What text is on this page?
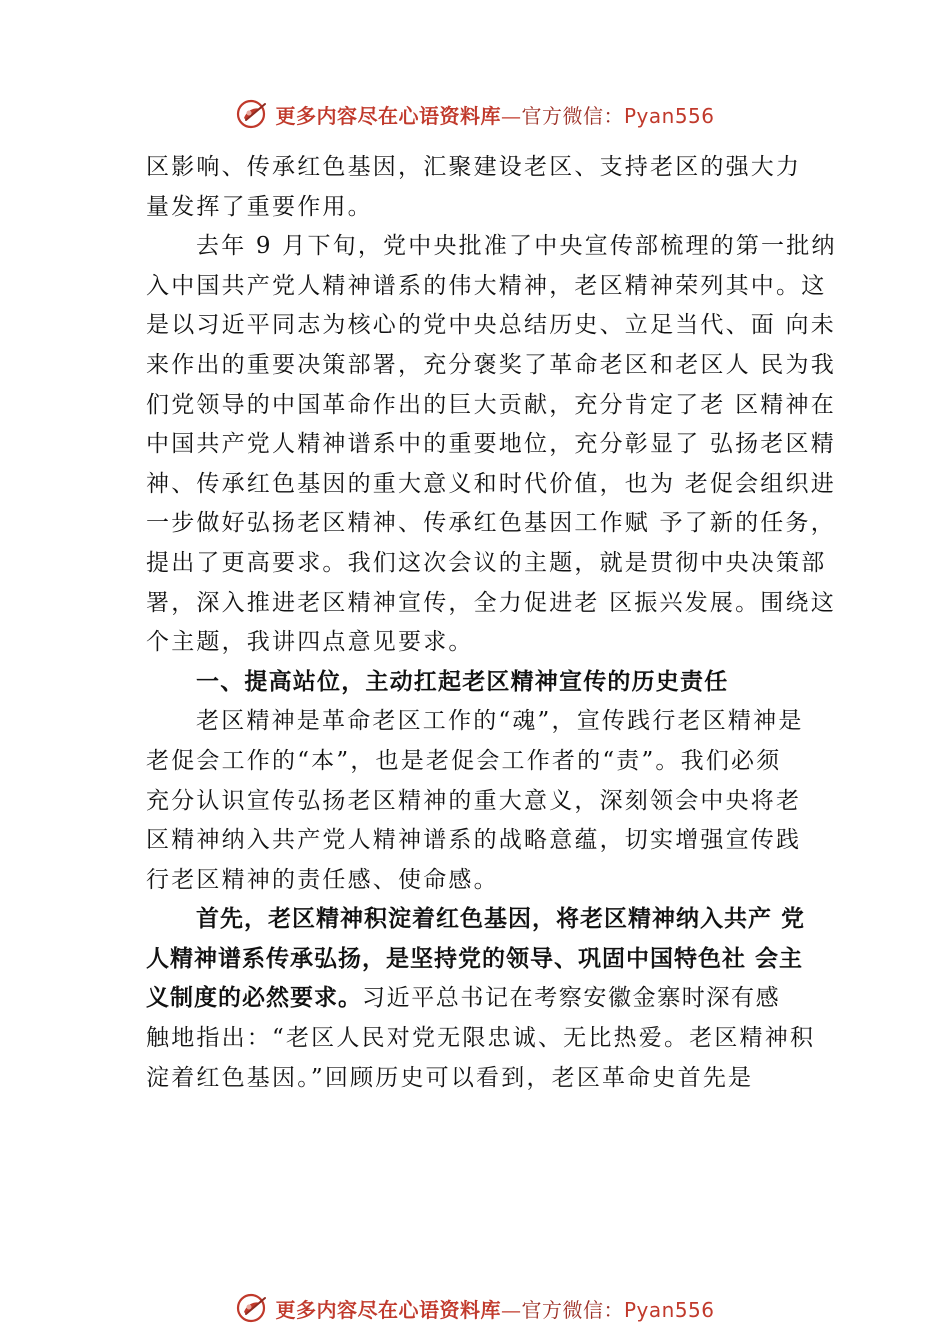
更多内容尽在心语资料库—官方微信：Pyan556
区影响、传承红色基因，汇聚建设老区、支持老区的强大力
量发挥了重要作用。
去年 9 月下旬，党中央批准了中央宣传部梳理的第一批纳
入中国共产党人精神谱系的伟大精神，老区精神荣列其中。这
是以习近平同志为核心的党中央总结历史、立足当代、面 向未
来作出的重要决策部署，充分褒奖了革命老区和老区人 民为我
们党领导的中国革命作出的巨大贡献，充分肯定了老 区精神在
中国共产党人精神谱系中的重要地位，充分彰显了 弘扬老区精
神、传承红色基因的重大意义和时代价值，也为 老促会组织进
一步做好弘扬老区精神、传承红色基因工作赋 予了新的任务，
提出了更高要求。我们这次会议的主题，就是贯彻中央决策部
署，深入推进老区精神宣传，全力促进老 区振兴发展。围绕这
个主题，我讲四点意见要求。
一、提高站位，主动扛起老区精神宣传的历史责任
老区精神是革命老区工作的“魂”，宣传践行老区精神是
老促会工作的“本”，也是老促会工作者的“责”。我们必须
充分认识宣传弘扬老区精神的重大意义，深刻领会中央将老
区精神纳入共产党人精神谱系的战略意蕴，切实增强宣传践
行老区精神的责任感、使命感。
首先，老区精神积淀着红色基因，将老区精神纳入共产 党
人精神谱系传承弘扬，是坚持党的领导、巩固中国特色社 会主
义制度的必然要求。习近平总书记在考察安徽金寨时深有感
触地指出：“老区人民对党无限忠诚、无比热爱。老区精神积
淀着红色基因。”回顾历史可以看到，老区革命史首先是
更多内容尽在心语资料库—官方微信：Pyan556
